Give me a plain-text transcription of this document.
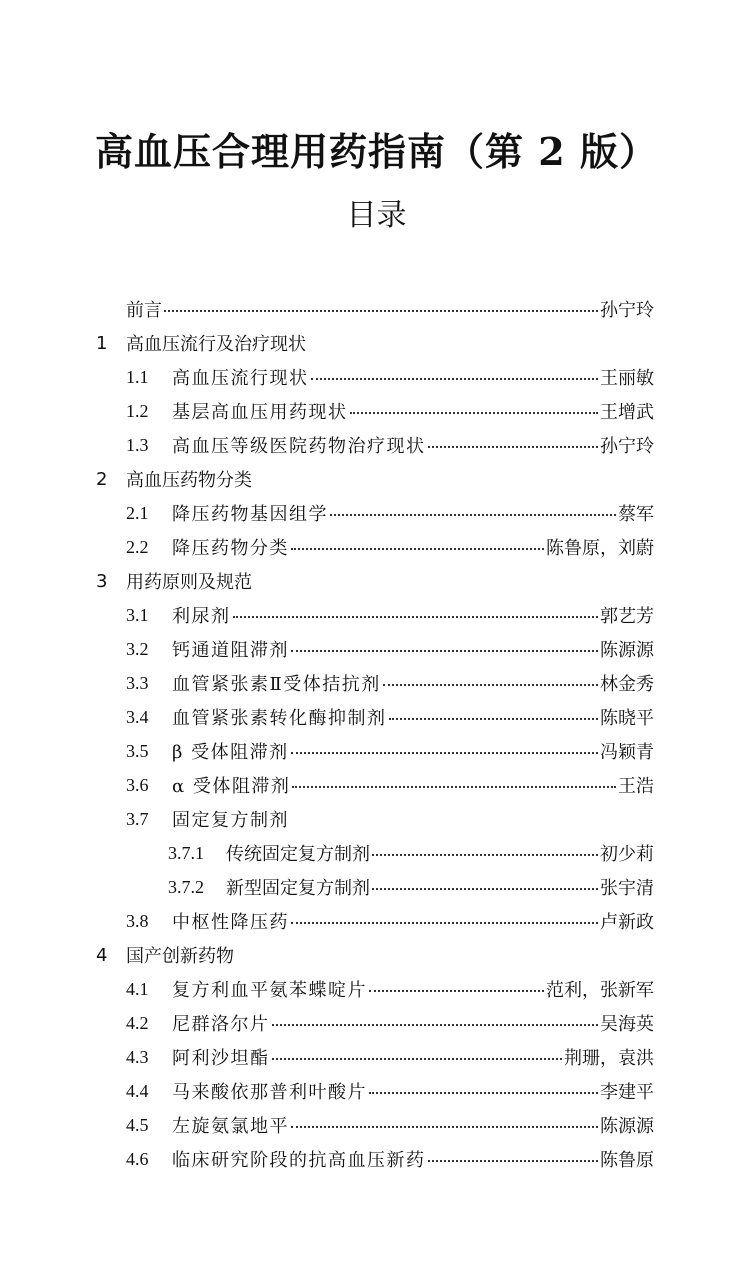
高血压合理用药指南（第 2 版）
目录
前言	孙宁玲
1	高血压流行及治疗现状
1.1	高血压流行现状	王丽敏
1.2	基层高血压用药现状	王增武
1.3	高血压等级医院药物治疗现状	孙宁玲
2	高血压药物分类
2.1	降压药物基因组学	蔡军
2.2	降压药物分类	陈鲁原，刘蔚
3	用药原则及规范
3.1	利尿剂	郭艺芳
3.2	钙通道阻滞剂	陈源源
3.3	血管紧张素Ⅱ受体拮抗剂	林金秀
3.4	血管紧张素转化酶抑制剂	陈晓平
3.5	β 受体阻滞剂	冯颖青
3.6	α 受体阻滞剂	王浩
3.7	固定复方制剂
3.7.1	传统固定复方制剂	初少莉
3.7.2	新型固定复方制剂	张宇清
3.8	中枢性降压药	卢新政
4	国产创新药物
4.1	复方利血平氨苯蝶啶片	范利，张新军
4.2	尼群洛尔片	吴海英
4.3	阿利沙坦酯	荆珊，袁洪
4.4	马来酸依那普利叶酸片	李建平
4.5	左旋氨氯地平	陈源源
4.6	临床研究阶段的抗高血压新药	陈鲁原
